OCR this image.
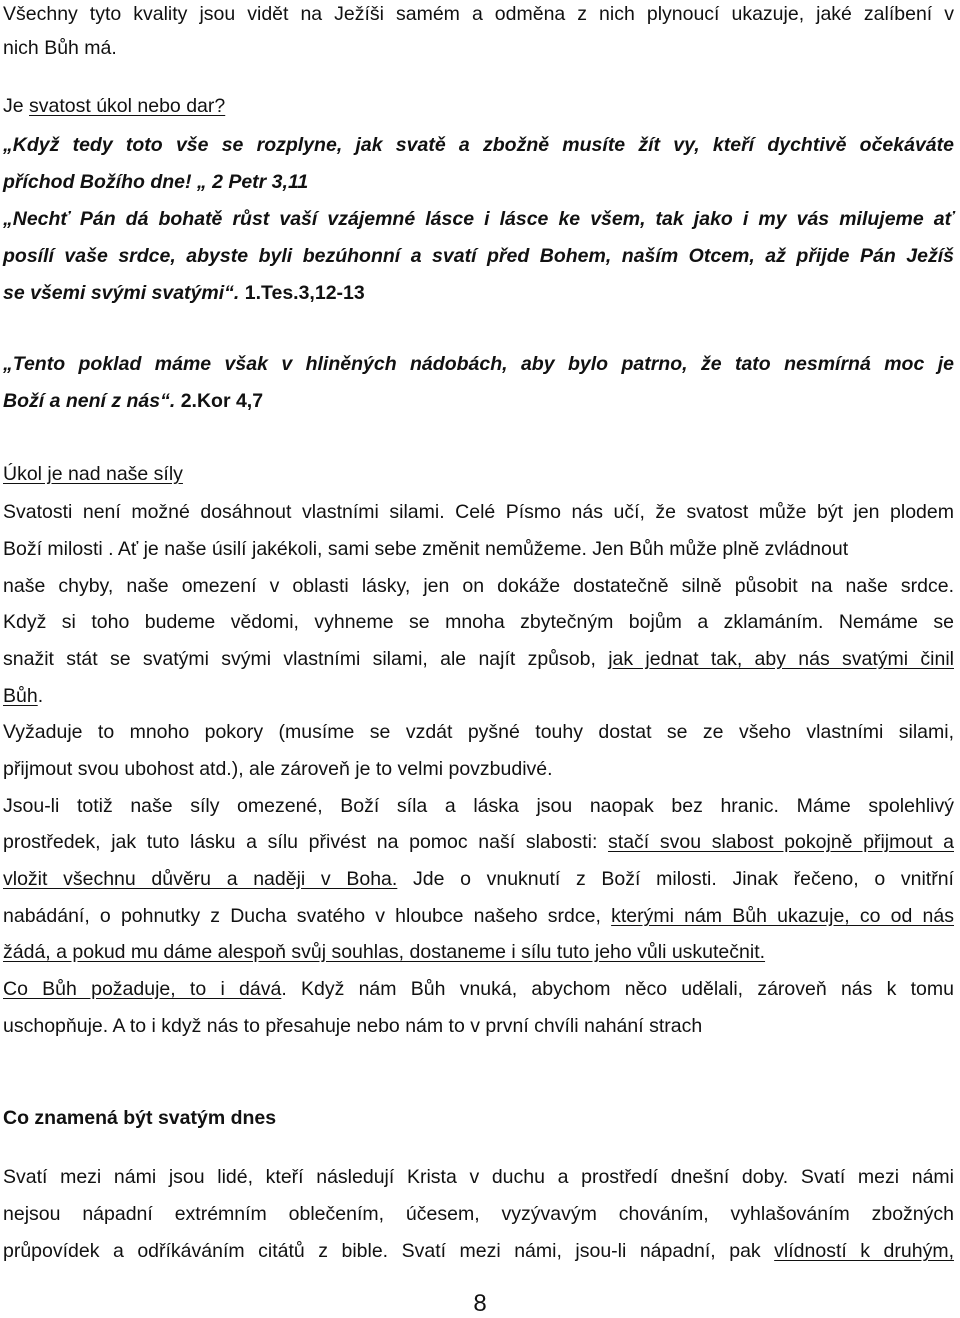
Všechny tyto kvality jsou vidět na Ježíši samém a odměna z nich plynoucí ukazuje, jaké zalíbení v
nich Bůh má.
Je svatost úkol nebo dar?
„Když tedy toto vše se rozplyne, jak svatě a zbožně musíte žít vy, kteří dychtivě očekáváte
příchod Božího dne! „ 2 Petr 3,11
„Nechť Pán dá bohatě růst vaší vzájemné lásce i lásce ke všem, tak jako i my vás milujeme ať
posílí vaše srdce, abyste byli bezúhonní a svatí před Bohem, naším Otcem, až přijde Pán Ježíš
se všemi svými svatými“. 1.Tes.3,12-13
„Tento poklad máme však v hliněných nádobách, aby bylo patrno, že tato nesmírná moc je
Boží a není z nás“. 2.Kor 4,7
Úkol je nad naše síly
Svatosti není možné dosáhnout vlastními silami. Celé Písmo nás učí, že svatost může být jen plodem
Boží milosti . Ať je naše úsilí jakékoli, sami sebe změnit nemůžeme. Jen Bůh může plně zvládnout
naše chyby, naše omezení v oblasti lásky, jen on dokáže dostatečně silně působit na naše srdce.
Když si toho budeme vědomi, vyhneme se mnoha zbytečným bojům a zklamáním. Nemáme se
snažit stát se svatými svými vlastními silami, ale najít způsob, jak jednat tak, aby nás svatými činil
Bůh.
Vyžaduje to mnoho pokory (musíme se vzdát pyšné touhy dostat se ze všeho vlastními silami,
přijmout svou ubohost atd.), ale zároveň je to velmi povzbudivé.
Jsou-li totiž naše síly omezené, Boží síla a láska jsou naopak bez hranic. Máme spolehlivý
prostředek, jak tuto lásku a sílu přivést na pomoc naší slabosti: stačí svou slabost pokojně přijmout a
vložit všechnu důvěru a naději v Boha. Jde o vnuknutí z Boží milosti. Jinak řečeno, o vnitřní
nabádání, o pohnutky z Ducha svatého v hloubce našeho srdce, kterými nám Bůh ukazuje, co od nás
žádá, a pokud mu dáme alespoň svůj souhlas, dostaneme i sílu tuto jeho vůli uskutečnit.
Co Bůh požaduje, to i dává. Když nám Bůh vnuká, abychom něco udělali, zároveň nás k tomu
uschopňuje. A to i když nás to přesahuje nebo nám to v první chvíli nahání strach
Co znamená být svatým dnes
Svatí mezi námi jsou lidé, kteří následují Krista v duchu a prostředí dnešní doby. Svatí mezi námi
nejsou nápadní extrémním oblečením, účesem, vyzývavým chováním, vyhlašováním zbožných
průpovídek a odříkáváním citátů z bible. Svatí mezi námi, jsou-li nápadní, pak vlídností k druhým,
8
